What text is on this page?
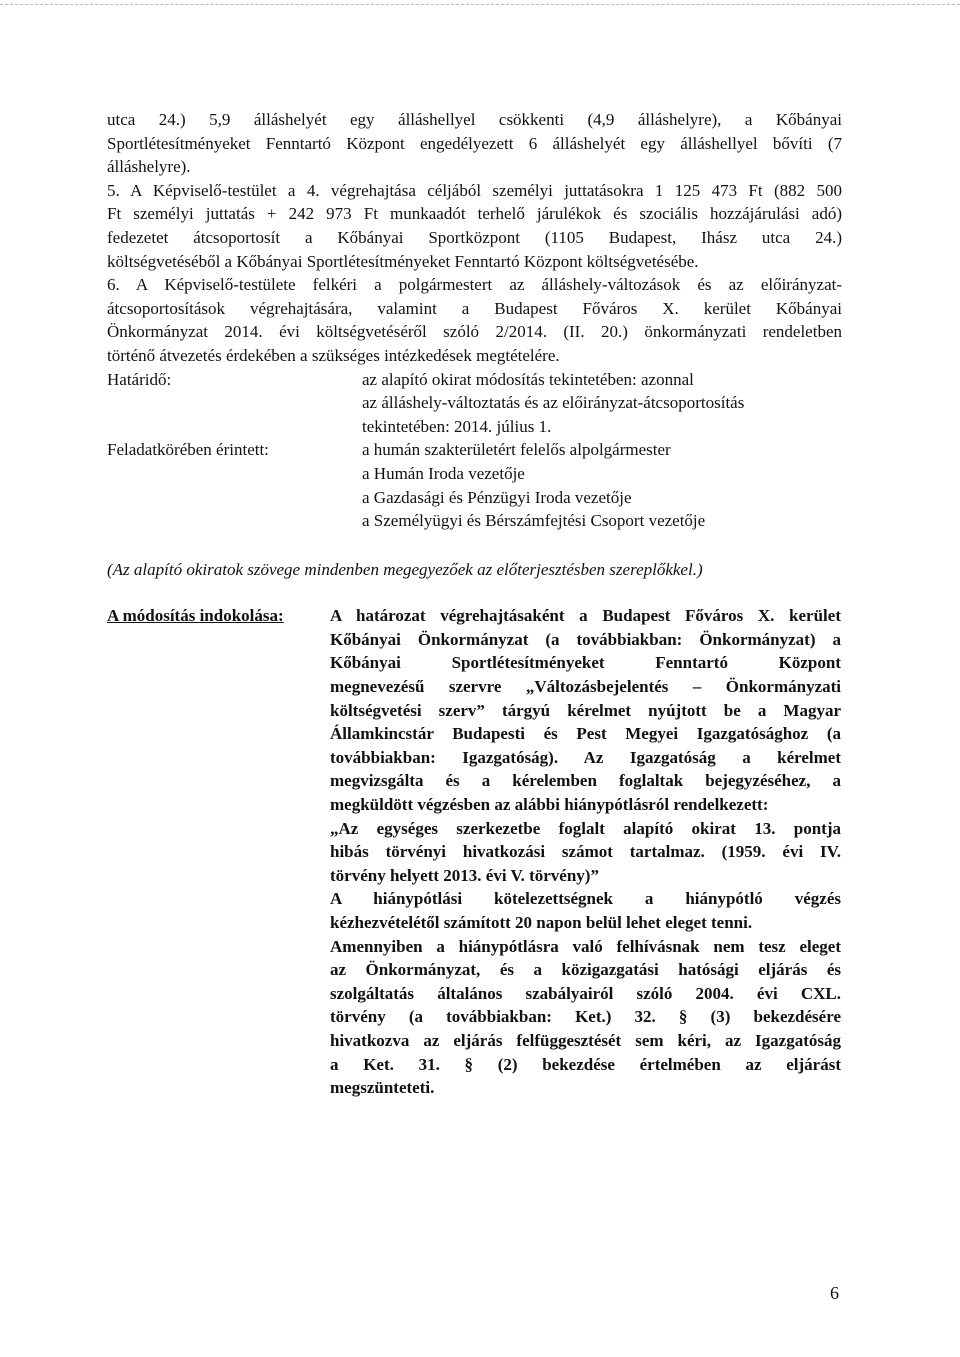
utca 24.) 5,9 álláshelyét egy álláshellyel csökkenti (4,9 álláshelyre), a Kőbányai
Sportlétesítményeket Fenntartó Központ engedélyezett 6 álláshelyét egy álláshellyel bővíti (7
álláshelyre).

5. A Képviselő-testület a 4. végrehajtása céljából személyi juttatásokra 1 125 473 Ft (882 500
Ft személyi juttatás + 242 973 Ft munkaadót terhelő járulékok és szociális hozzájárulási adó)
fedezetet átcsoportosít a Kőbányai Sportközpont (1105 Budapest, Ihász utca 24.)
költségvetéséből a Kőbányai Sportlétesítményeket Fenntartó Központ költségvetésébe.

6. A Képviselő-testülete felkéri a polgármestert az álláshely-változások és az előirányzat-
átcsoportosítások végrehajtására, valamint a Budapest Főváros X. kerület Kőbányai
Önkormányzat 2014. évi költségvetéséről szóló 2/2014. (II. 20.) önkormányzati rendeletben
történő átvezetés érdekében a szükséges intézkedések megtételére.

Határidő:	az alapító okirat módosítás tekintetében: azonnal
az álláshely-változtatás és az előirányzat-átcsoportosítás
tekintetében: 2014. július 1.
Feladatkörében érintett:	a humán szakterületért felelős alpolgármester
a Humán Iroda vezetője
a Gazdasági és Pénzügyi Iroda vezetője
a Személyügyi és Bérszámfejtési Csoport vezetője

(Az alapító okiratok szövege mindenben megegyezőek az előterjesztésben szereplőkkel.)

A módosítás indokolása:	A határozat végrehajtásaként a Budapest Főváros X. kerület
Kőbányai Önkormányzat (a továbbiakban: Önkormányzat) a
Kőbányai Sportlétesítményeket Fenntartó Központ
megnevezésű szervre „Változásbejelentés – Önkormányzati
költségvetési szerv” tárgyú kérelmet nyújtott be a Magyar
Államkincstár Budapesti és Pest Megyei Igazgatósághoz (a
továbbiakban: Igazgatóság). Az Igazgatóság a kérelmet
megvizsgálta és a kérelemben foglaltak bejegyzéséhez, a
megküldött végzésben az alábbi hiánypótlásról rendelkezett:
„Az egységes szerkezetbe foglalt alapító okirat 13. pontja
hibás törvényi hivatkozási számot tartalmaz. (1959. évi IV.
törvény helyett 2013. évi V. törvény)”
A hiánypótlási kötelezettségnek a hiánypótló végzés
kézhezvételétől számított 20 napon belül lehet eleget tenni.
Amennyiben a hiánypótlásra való felhívásnak nem tesz eleget
az Önkormányzat, és a közigazgatási hatósági eljárás és
szolgáltatás általános szabályairól szóló 2004. évi CXL.
törvény (a továbbiakban: Ket.) 32. § (3) bekezdésére
hivatkozva az eljárás felfüggesztését sem kéri, az Igazgatóság
a Ket. 31. § (2) bekezdése értelmében az eljárást
megszünteteti.
6
